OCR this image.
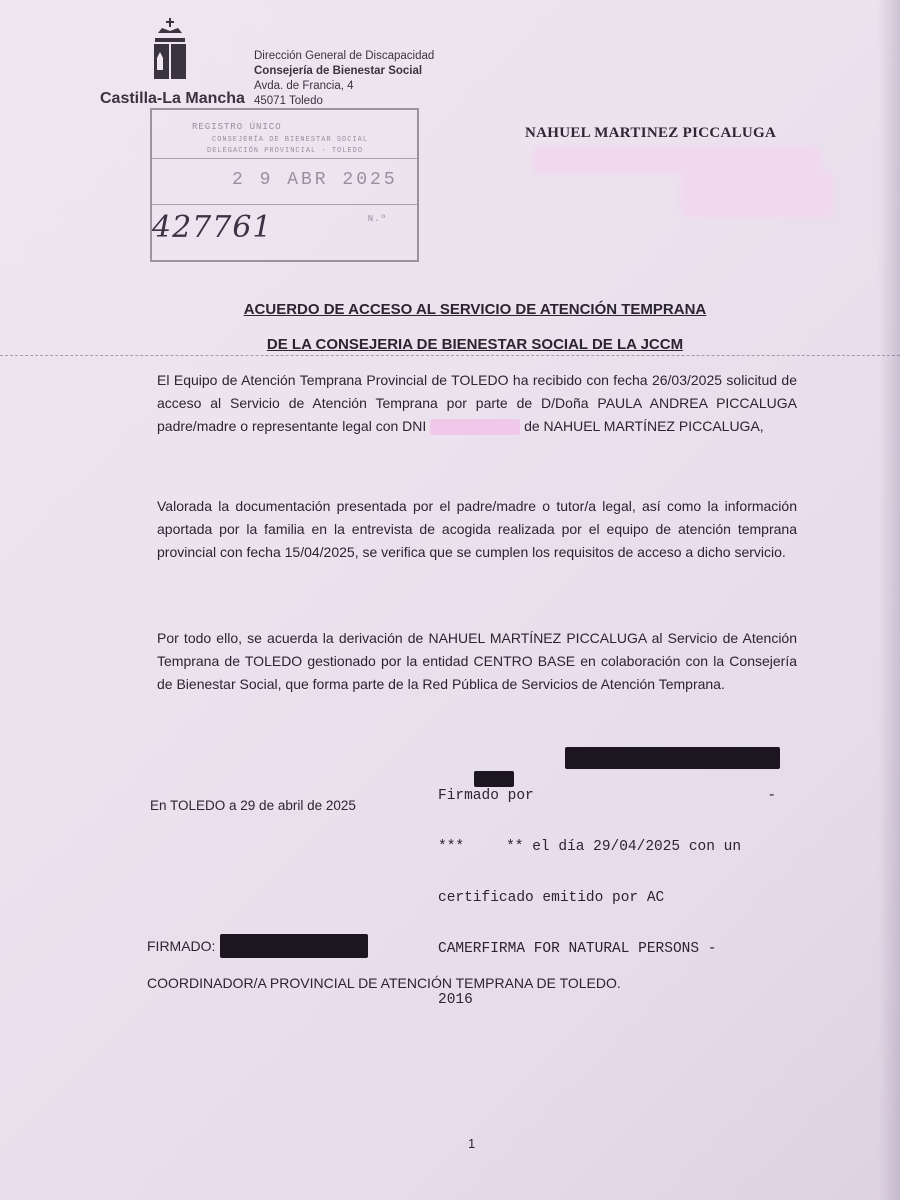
Castilla-La Mancha
Dirección General de Discapacidad
Consejería de Bienestar Social
Avda. de Francia, 4
45071 Toledo
REGISTRO ÚNICO
CONSEJERÍA DE BIENESTAR SOCIAL
DELEGACIÓN PROVINCIAL · TOLEDO
2 9 ABR 2025
427761	N.º
NAHUEL MARTINEZ PICCALUGA
ACUERDO DE ACCESO AL SERVICIO DE ATENCIÓN TEMPRANA
DE LA CONSEJERIA DE BIENESTAR SOCIAL DE LA JCCM
El Equipo de Atención Temprana Provincial de TOLEDO ha recibido con fecha 26/03/2025 solicitud de acceso al Servicio de Atención Temprana por parte de D/Doña PAULA ANDREA PICCALUGA padre/madre o representante legal con DNI	de NAHUEL MARTÍNEZ PICCALUGA,
Valorada la documentación presentada por el padre/madre o tutor/a legal, así como la información aportada por la familia en la entrevista de acogida realizada por el equipo de atención temprana provincial con fecha 15/04/2025, se verifica que se cumplen los requisitos de acceso a dicho servicio.
Por todo ello, se acuerda la derivación de NAHUEL MARTÍNEZ PICCALUGA al Servicio de Atención Temprana de TOLEDO gestionado por la entidad CENTRO BASE en colaboración con la Consejería de Bienestar Social, que forma parte de la Red Pública de Servicios de Atención Temprana.
En TOLEDO a 29 de abril de 2025

Firmado por	-

***	** el día 29/04/2025 con un

certificado emitido por AC

CAMERFIRMA FOR NATURAL PERSONS -

2016

FIRMADO:
COORDINADOR/A PROVINCIAL DE ATENCIÓN TEMPRANA DE TOLEDO.
1
